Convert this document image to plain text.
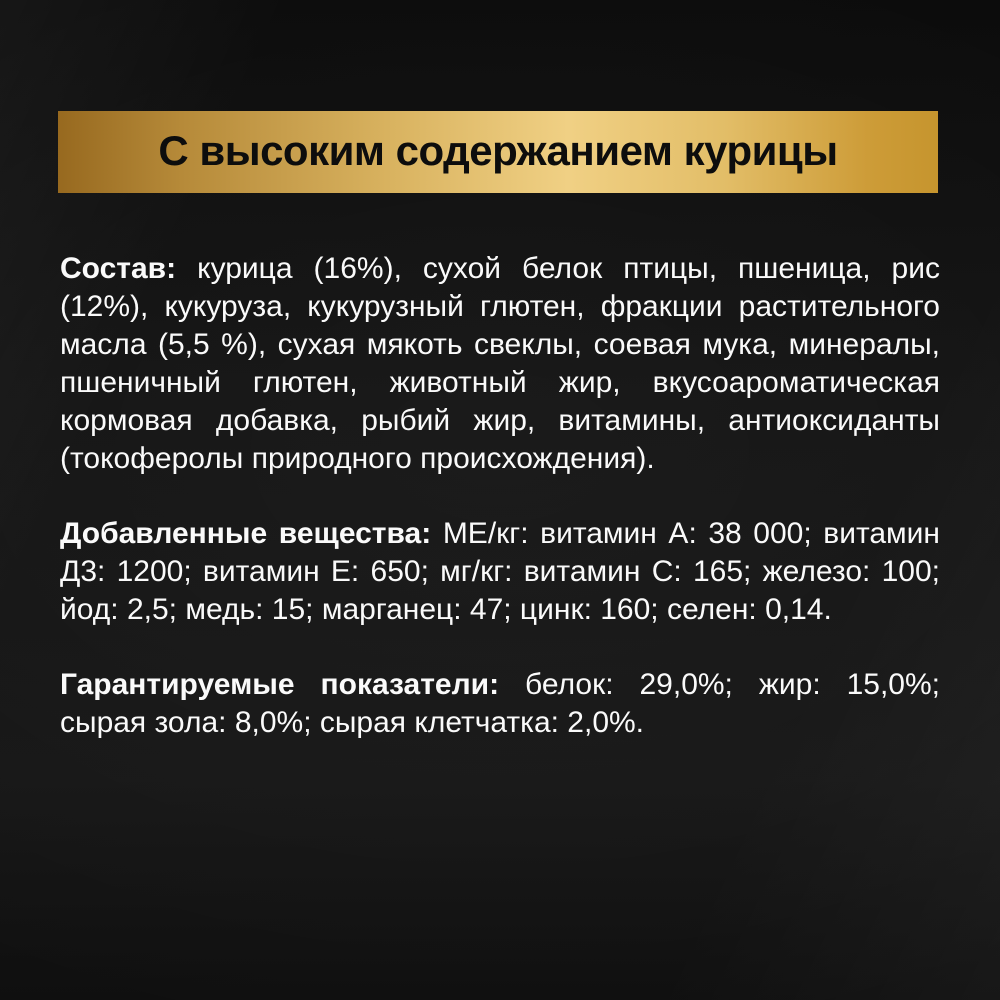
С высоким содержанием курицы

Состав: курица (16%), сухой белок птицы, пшеница, рис (12%), кукуруза, кукурузный глютен, фракции растительного масла (5,5 %), сухая мякоть свеклы, соевая мука, минералы, пшеничный глютен, животный жир, вкусоароматическая кормовая добавка, рыбий жир, витамины, антиоксиданты (токоферолы природного происхождения).

Добавленные вещества: МЕ/кг: витамин А: 38 000; витамин Д3: 1200; витамин Е: 650; мг/кг: витамин С: 165; железо: 100; йод: 2,5; медь: 15; марганец: 47; цинк: 160; селен: 0,14.

Гарантируемые показатели: белок: 29,0%; жир: 15,0%; сырая зола: 8,0%; сырая клетчатка: 2,0%.
